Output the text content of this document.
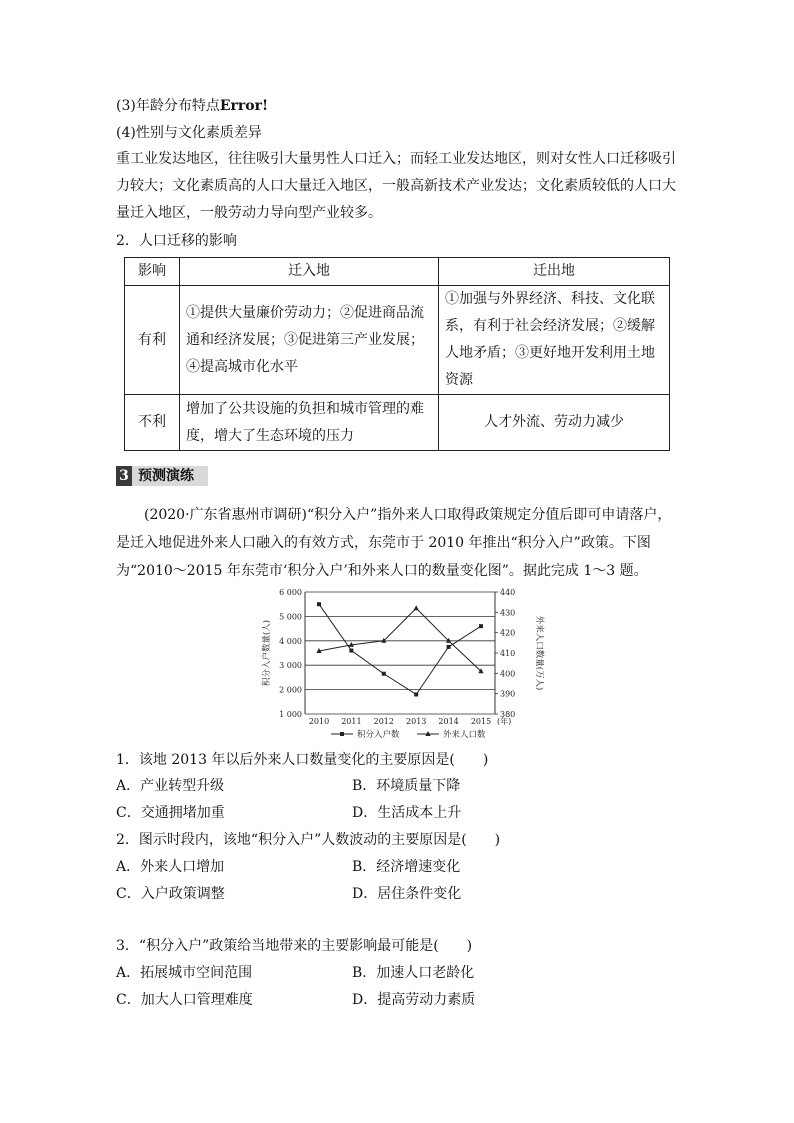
(3)年龄分布特点Error!
(4)性别与文化素质差异
重工业发达地区，往往吸引大量男性人口迁入；而轻工业发达地区，则对女性人口迁移吸引力较大；文化素质高的人口大量迁入地区，一般高新技术产业发达；文化素质较低的人口大量迁入地区，一般劳动力导向型产业较多。
2．人口迁移的影响
影响	迁入地	迁出地
有利	①提供大量廉价劳动力；②促进商品流通和经济发展；③促进第三产业发展；④提高城市化水平	①加强与外界经济、科技、文化联系，有利于社会经济发展；②缓解人地矛盾；③更好地开发利用土地资源
不利	增加了公共设施的负担和城市管理的难度，增大了生态环境的压力	人才外流、劳动力减少
3 预测演练
(2020·广东省惠州市调研)“积分入户”指外来人口取得政策规定分值后即可申请落户，是迁入地促进外来人口融入的有效方式，东莞市于 2010 年推出“积分入户”政策。下图为“2010～2015 年东莞市‘积分入户’和外来人口的数量变化图”。据此完成 1～3 题。
1 000
2 000
3 000
4 000
5 000
6 000
380
390
400
410
420
430
440
2010 2011 2012 2013 2014 2015 (年)
积分入户数量(人)	外来人口数量(万人)
积分入户数	外来人口数
1．该地 2013 年以后外来人口数量变化的主要原因是(　　)
A．产业转型升级	B．环境质量下降
C．交通拥堵加重	D．生活成本上升
2．图示时段内，该地“积分入户”人数波动的主要原因是(　　)
A．外来人口增加	B．经济增速变化
C．入户政策调整	D．居住条件变化
3．“积分入户”政策给当地带来的主要影响最可能是(　　)
A．拓展城市空间范围	B．加速人口老龄化
C．加大人口管理难度	D．提高劳动力素质
